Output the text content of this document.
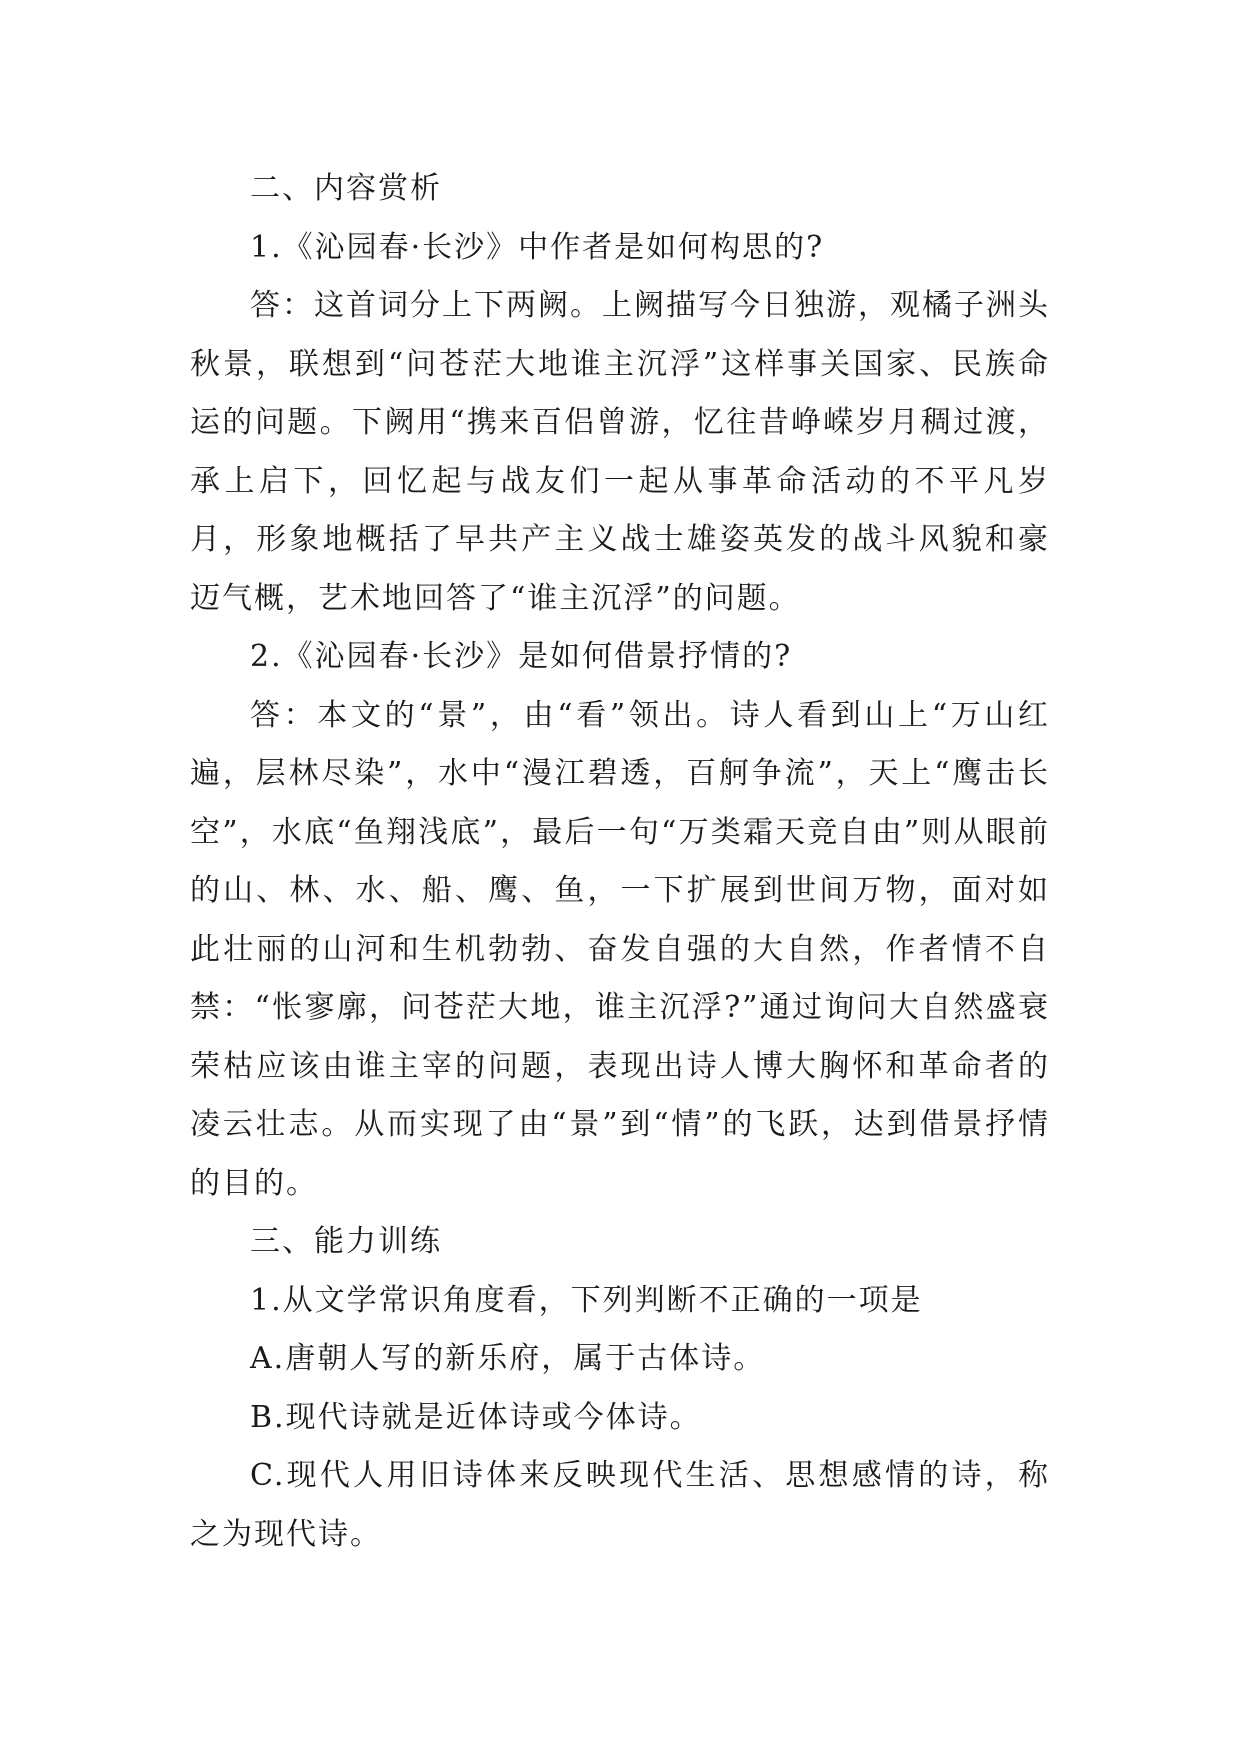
二、内容赏析

1.《沁园春·长沙》中作者是如何构思的?

答：这首词分上下两阙。上阙描写今日独游，观橘子洲头秋景，联想到“问苍茫大地谁主沉浮”这样事关国家、民族命运的问题。下阙用“携来百侣曾游，忆往昔峥嵘岁月稠过渡，承上启下，回忆起与战友们一起从事革命活动的不平凡岁月，形象地概括了早共产主义战士雄姿英发的战斗风貌和豪迈气概，艺术地回答了“谁主沉浮”的问题。

2.《沁园春·长沙》是如何借景抒情的?

答：本文的“景”，由“看”领出。诗人看到山上“万山红遍，层林尽染”，水中“漫江碧透，百舸争流”，天上“鹰击长空”，水底“鱼翔浅底”，最后一句“万类霜天竞自由”则从眼前的山、林、水、船、鹰、鱼，一下扩展到世间万物，面对如此壮丽的山河和生机勃勃、奋发自强的大自然，作者情不自禁：“怅寥廓，问苍茫大地，谁主沉浮?”通过询问大自然盛衰荣枯应该由谁主宰的问题，表现出诗人博大胸怀和革命者的凌云壮志。从而实现了由“景”到“情”的飞跃，达到借景抒情的目的。

三、能力训练

1.从文学常识角度看，下列判断不正确的一项是

A.唐朝人写的新乐府，属于古体诗。

B.现代诗就是近体诗或今体诗。

C.现代人用旧诗体来反映现代生活、思想感情的诗，称之为现代诗。
